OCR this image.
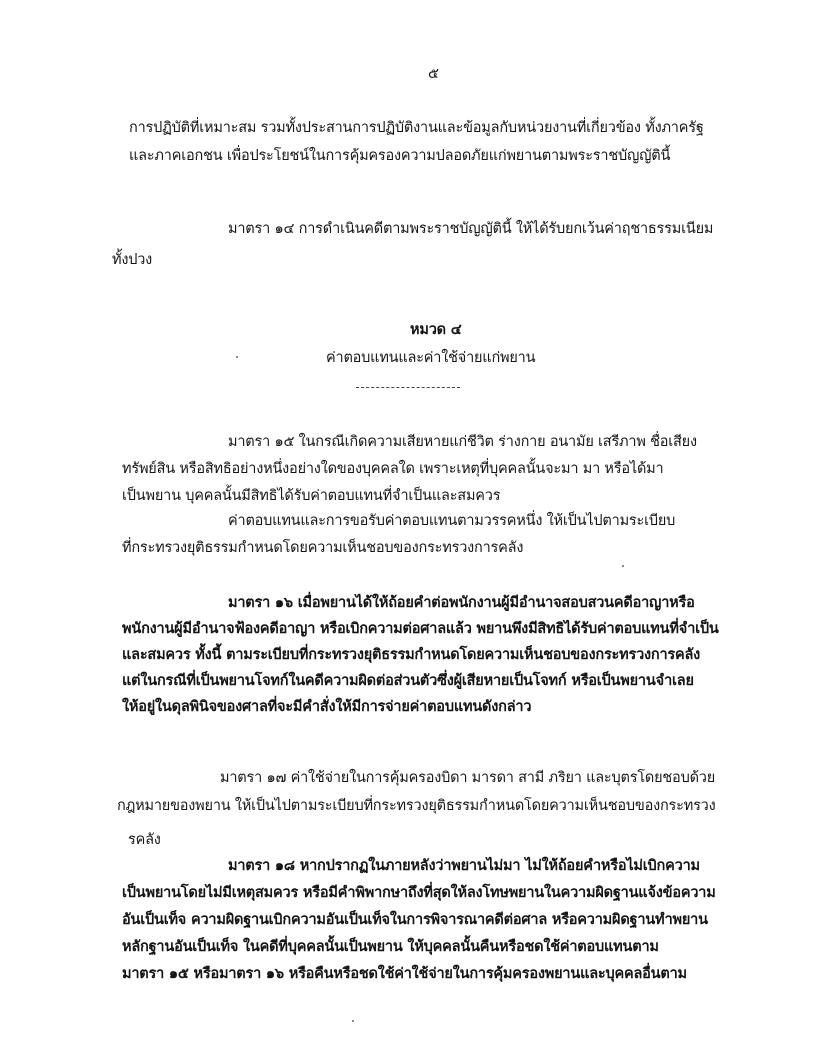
๕
การปฏิบัติที่เหมาะสม รวมทั้งประสานการปฏิบัติงานและข้อมูลกับหน่วยงานที่เกี่ยวข้อง ทั้งภาครัฐ
และภาคเอกชน เพื่อประโยชน์ในการคุ้มครองความปลอดภัยแก่พยานตามพระราชบัญญัตินี้
มาตรา ๑๔ การดำเนินคดีตามพระราชบัญญัตินี้ ให้ได้รับยกเว้นค่าฤชาธรรมเนียม
ทั้งปวง
หมวด ๔
ค่าตอบแทนและค่าใช้จ่ายแก่พยาน
มาตรา ๑๕ ในกรณีเกิดความเสียหายแก่ชีวิต ร่างกาย อนามัย เสรีภาพ ชื่อเสียง
ทรัพย์สิน หรือสิทธิอย่างหนึ่งอย่างใดของบุคคลใด เพราะเหตุที่บุคคลนั้นจะมา มา หรือได้มา
เป็นพยาน บุคคลนั้นมีสิทธิได้รับค่าตอบแทนที่จำเป็นและสมควร
ค่าตอบแทนและการขอรับค่าตอบแทนตามวรรคหนึ่ง ให้เป็นไปตามระเบียบ
ที่กระทรวงยุติธรรมกำหนดโดยความเห็นชอบของกระทรวงการคลัง
มาตรา ๑๖ เมื่อพยานได้ให้ถ้อยคำต่อพนักงานผู้มีอำนาจสอบสวนคดีอาญาหรือ
พนักงานผู้มีอำนาจฟ้องคดีอาญา หรือเบิกความต่อศาลแล้ว พยานพึงมีสิทธิได้รับค่าตอบแทนที่จำเป็น
และสมควร ทั้งนี้ ตามระเบียบที่กระทรวงยุติธรรมกำหนดโดยความเห็นชอบของกระทรวงการคลัง
แต่ในกรณีที่เป็นพยานโจทก์ในคดีความผิดต่อส่วนตัวซึ่งผู้เสียหายเป็นโจทก์ หรือเป็นพยานจำเลย
ให้อยู่ในดุลพินิจของศาลที่จะมีคำสั่งให้มีการจ่ายค่าตอบแทนดังกล่าว
มาตรา ๑๗ ค่าใช้จ่ายในการคุ้มครองบิดา มารดา สามี ภริยา และบุตรโดยชอบด้วย
กฎหมายของพยาน ให้เป็นไปตามระเบียบที่กระทรวงยุติธรรมกำหนดโดยความเห็นชอบของกระทรวง
รคลัง
มาตรา ๑๘ หากปรากฏในภายหลังว่าพยานไม่มา ไม่ให้ถ้อยคำหรือไม่เบิกความ
เป็นพยานโดยไม่มีเหตุสมควร หรือมีคำพิพากษาถึงที่สุดให้ลงโทษพยานในความผิดฐานแจ้งข้อความ
อันเป็นเท็จ ความผิดฐานเบิกความอันเป็นเท็จในการพิจารณาคดีต่อศาล หรือความผิดฐานทำพยาน
หลักฐานอันเป็นเท็จ ในคดีที่บุคคลนั้นเป็นพยาน ให้บุคคลนั้นคืนหรือชดใช้ค่าตอบแทนตาม
มาตรา ๑๕ หรือมาตรา ๑๖ หรือคืนหรือชดใช้ค่าใช้จ่ายในการคุ้มครองพยานและบุคคลอื่นตาม
